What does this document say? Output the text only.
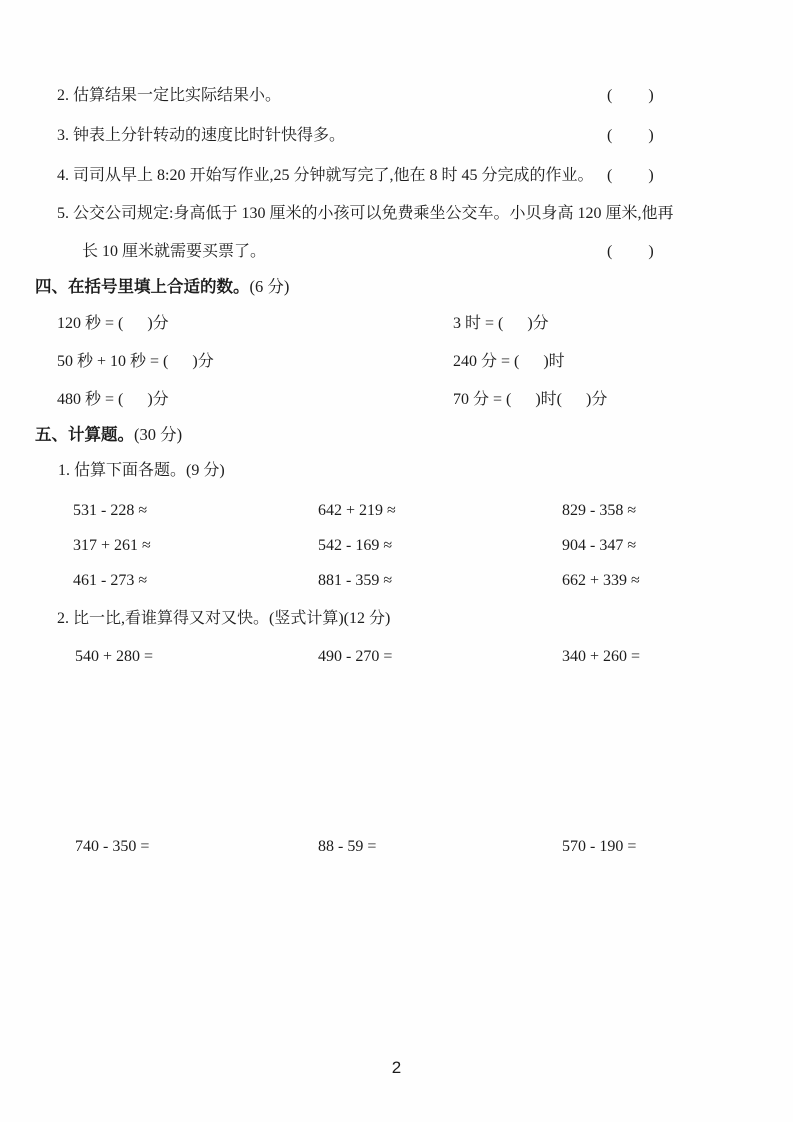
2. 估算结果一定比实际结果小。	(       )
3. 钟表上分针转动的速度比时针快得多。	(       )
4. 司司从早上 8:20 开始写作业,25 分钟就写完了,他在 8 时 45 分完成的作业。 (       )
5. 公交公司规定:身高低于 130 厘米的小孩可以免费乘坐公交车。小贝身高 120 厘米,他再
长 10 厘米就需要买票了。	(       )
四、在括号里填上合适的数。(6 分)
120 秒 = (      )分	3 时 = (      )分
50 秒 + 10 秒 = (      )分	240 分 = (      )时
480 秒 = (      )分	70 分 = (      )时(      )分
五、计算题。(30 分)
1. 估算下面各题。(9 分)
531 - 228 ≈	642 + 219 ≈	829 - 358 ≈
317 + 261 ≈	542 - 169 ≈	904 - 347 ≈
461 - 273 ≈	881 - 359 ≈	662 + 339 ≈
2. 比一比,看谁算得又对又快。(竖式计算)(12 分)
540 + 280 =	490 - 270 =	340 + 260 =
740 - 350 =	88 - 59 =	570 - 190 =
2
